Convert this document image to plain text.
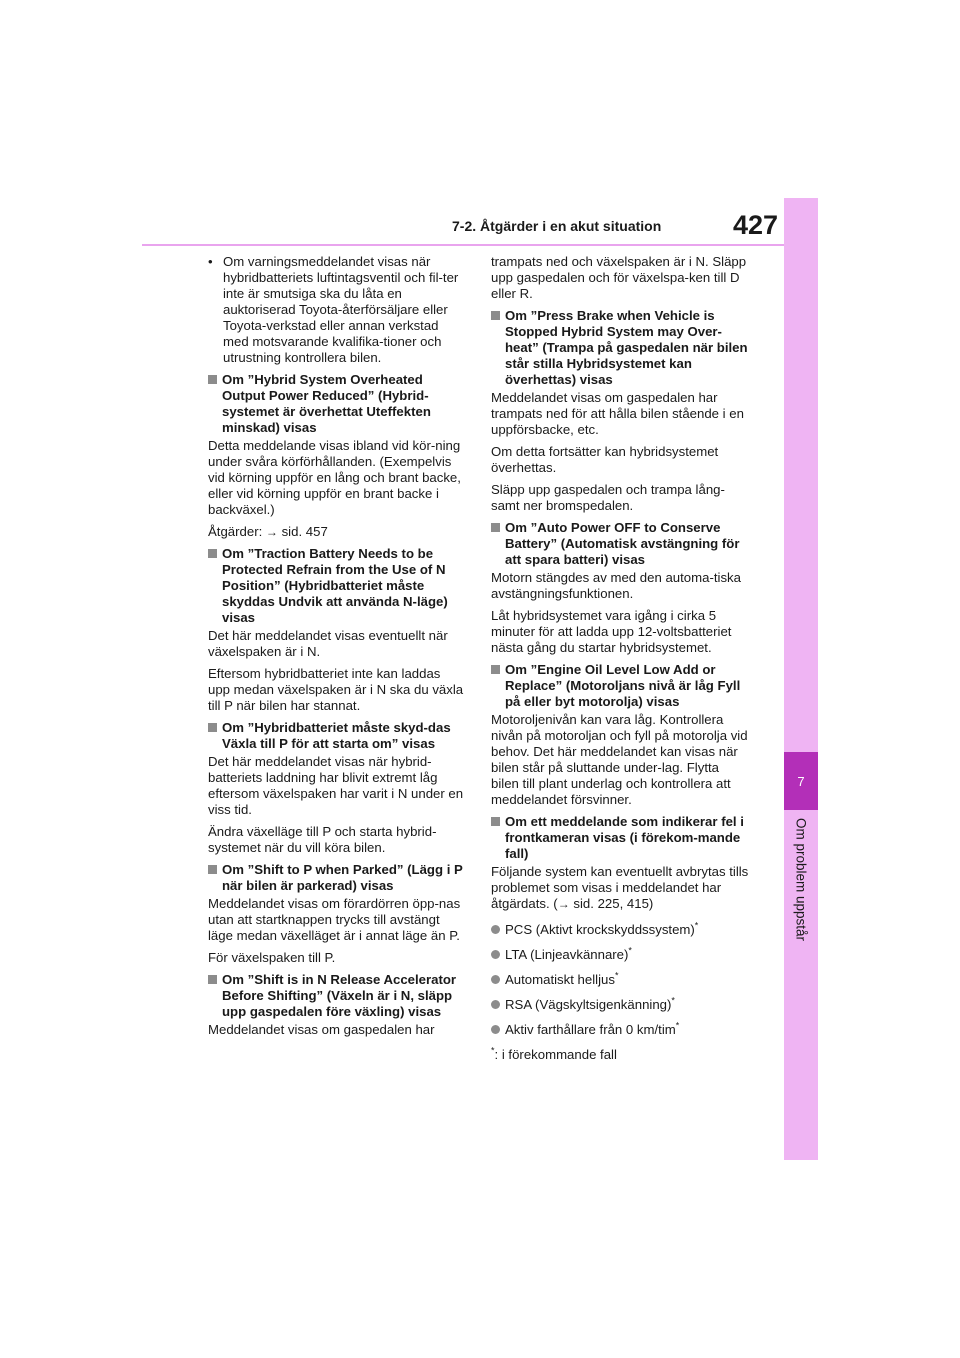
7-2. Åtgärder i en akut situation	427
7
Om problem uppstår
• Om varningsmeddelandet visas när hybridbatteriets luftintagsventil och fil-ter inte är smutsiga ska du låta en auktoriserad Toyota-återförsäljare eller Toyota-verkstad eller annan verkstad med motsvarande kvalifika-tioner och utrustning kontrollera bilen.
Om ”Hybrid System Overheated Output Power Reduced” (Hybrid-systemet är överhettat Uteffekten minskad) visas

Detta meddelande visas ibland vid kör-ning under svåra körförhållanden. (Exempelvis vid körning uppför en lång och brant backe, eller vid körning uppför en brant backe i backväxel.)

Åtgärder: → sid. 457

Om ”Traction Battery Needs to be Protected Refrain from the Use of N Position” (Hybridbatteriet måste skyddas Undvik att använda N-läge) visas

Det här meddelandet visas eventuellt när växelspaken är i N.

Eftersom hybridbatteriet inte kan laddas upp medan växelspaken är i N ska du växla till P när bilen har stannat.

Om ”Hybridbatteriet måste skyd-das Växla till P för att starta om” visas

Det här meddelandet visas när hybrid-batteriets laddning har blivit extremt låg eftersom växelspaken har varit i N under en viss tid.

Ändra växelläge till P och starta hybrid-systemet när du vill köra bilen.

Om ”Shift to P when Parked” (Lägg i P när bilen är parkerad) visas

Meddelandet visas om förardörren öpp-nas utan att startknappen trycks till avstängt läge medan växelläget är i annat läge än P.

För växelspaken till P.

Om ”Shift is in N Release Accelerator Before Shifting” (Växeln är i N, släpp upp gaspedalen före växling) visas

Meddelandet visas om gaspedalen har

trampats ned och växelspaken är i N. Släpp upp gaspedalen och för växelspa-ken till D eller R.

Om ”Press Brake when Vehicle is Stopped Hybrid System may Over-heat” (Trampa på gaspedalen när bilen står stilla Hybridsystemet kan överhettas) visas

Meddelandet visas om gaspedalen har trampats ned för att hålla bilen stående i en uppförsbacke, etc.

Om detta fortsätter kan hybridsystemet överhettas.

Släpp upp gaspedalen och trampa lång-samt ner bromspedalen.

Om ”Auto Power OFF to Conserve Battery” (Automatisk avstängning för att spara batteri) visas

Motorn stängdes av med den automa-tiska avstängningsfunktionen.

Låt hybridsystemet vara igång i cirka 5 minuter för att ladda upp 12-voltsbatteriet nästa gång du startar hybridsystemet.

Om ”Engine Oil Level Low Add or Replace” (Motoroljans nivå är låg Fyll på eller byt motorolja) visas

Motoroljenivån kan vara låg. Kontrollera nivån på motoroljan och fyll på motorolja vid behov. Det här meddelandet kan visas när bilen står på sluttande under-lag. Flytta bilen till plant underlag och kontrollera att meddelandet försvinner.

Om ett meddelande som indikerar fel i frontkameran visas (i förekom-mande fall)

Följande system kan eventuellt avbrytas tills problemet som visas i meddelandet har åtgärdats. (→ sid. 225, 415)

PCS (Aktivt krockskyddssystem)*
LTA (Linjeavkännare)*
Automatiskt helljus*
RSA (Vägskyltsigenkänning)*
Aktiv farthållare från 0 km/tim*

*: i förekommande fall
